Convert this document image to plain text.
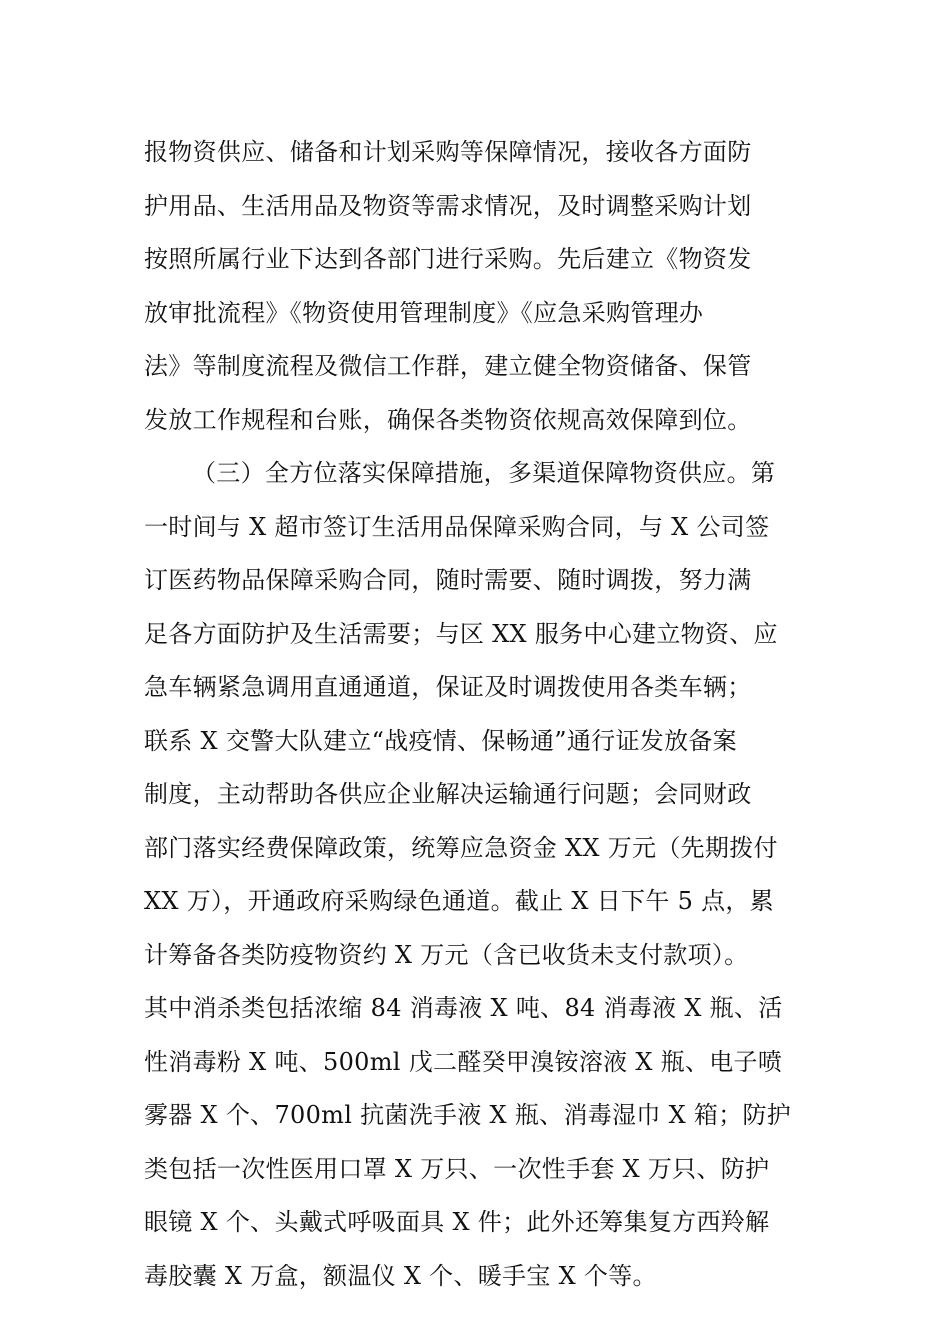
报物资供应、储备和计划采购等保障情况，接收各方面防
护用品、生活用品及物资等需求情况，及时调整采购计划
按照所属行业下达到各部门进行采购。先后建立《物资发
放审批流程》《物资使用管理制度》《应急采购管理办
法》等制度流程及微信工作群，建立健全物资储备、保管
发放工作规程和台账，确保各类物资依规高效保障到位。
（三）全方位落实保障措施，多渠道保障物资供应。第
一时间与 X 超市签订生活用品保障采购合同，与 X 公司签
订医药物品保障采购合同，随时需要、随时调拨，努力满
足各方面防护及生活需要；与区 XX 服务中心建立物资、应
急车辆紧急调用直通通道，保证及时调拨使用各类车辆；
联系 X 交警大队建立“战疫情、保畅通”通行证发放备案
制度，主动帮助各供应企业解决运输通行问题；会同财政
部门落实经费保障政策，统筹应急资金 XX 万元（先期拨付
XX 万），开通政府采购绿色通道。截止 X 日下午 5 点，累
计筹备各类防疫物资约 X 万元（含已收货未支付款项）。
其中消杀类包括浓缩 84 消毒液 X 吨、84 消毒液 X 瓶、活
性消毒粉 X 吨、500ml 戊二醛癸甲溴铵溶液 X 瓶、电子喷
雾器 X 个、700ml 抗菌洗手液 X 瓶、消毒湿巾 X 箱；防护
类包括一次性医用口罩 X 万只、一次性手套 X 万只、防护
眼镜 X 个、头戴式呼吸面具 X 件；此外还筹集复方西羚解
毒胶囊 X 万盒，额温仪 X 个、暖手宝 X 个等。
